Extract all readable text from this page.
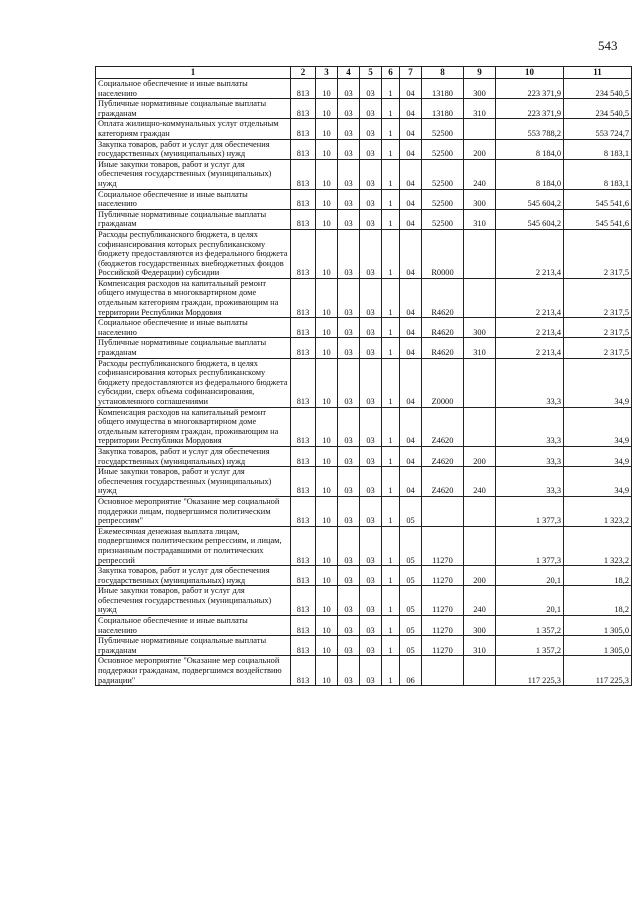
543
1	2	3	4	5	6	7	8	9	10	11
Социальное обеспечение и иные выплаты населению	813	10	03	03	1	04	13180	300	223 371,9	234 540,5
Публичные нормативные социальные выплаты гражданам	813	10	03	03	1	04	13180	310	223 371,9	234 540,5
Оплата жилищно-коммунальных услуг отдельным категориям граждан	813	10	03	03	1	04	52500		553 788,2	553 724,7
Закупка товаров, работ и услуг для обеспечения государственных (муниципальных) нужд	813	10	03	03	1	04	52500	200	8 184,0	8 183,1
Иные закупки товаров, работ и услуг для обеспечения государственных (муниципальных) нужд	813	10	03	03	1	04	52500	240	8 184,0	8 183,1
Социальное обеспечение и иные выплаты населению	813	10	03	03	1	04	52500	300	545 604,2	545 541,6
Публичные нормативные социальные выплаты гражданам	813	10	03	03	1	04	52500	310	545 604,2	545 541,6
Расходы республиканского бюджета, в целях софинансирования которых республиканскому бюджету предоставляются из федерального бюджета (бюджетов государственных внебюджетных фондов Российской Федерации) субсидии	813	10	03	03	1	04	R0000		2 213,4	2 317,5
Компенсация расходов на капитальный ремонт общего имущества в многоквартирном доме отдельным категориям граждан, проживающим на территории Республики Мордовия	813	10	03	03	1	04	R4620		2 213,4	2 317,5
Социальное обеспечение и иные выплаты населению	813	10	03	03	1	04	R4620	300	2 213,4	2 317,5
Публичные нормативные социальные выплаты гражданам	813	10	03	03	1	04	R4620	310	2 213,4	2 317,5
Расходы республиканского бюджета, в целях софинансирования которых республиканскому бюджету предоставляются из федерального бюджета субсидии, сверх объема софинансирования, установленного соглашениями	813	10	03	03	1	04	Z0000		33,3	34,9
Компенсация расходов на капитальный ремонт общего имущества в многоквартирном доме отдельным категориям граждан, проживающим на территории Республики Мордовия	813	10	03	03	1	04	Z4620		33,3	34,9
Закупка товаров, работ и услуг для обеспечения государственных (муниципальных) нужд	813	10	03	03	1	04	Z4620	200	33,3	34,9
Иные закупки товаров, работ и услуг для обеспечения государственных (муниципальных) нужд	813	10	03	03	1	04	Z4620	240	33,3	34,9
Основное мероприятие "Оказание мер социальной поддержки лицам, подвергшимся политическим репрессиям"	813	10	03	03	1	05			1 377,3	1 323,2
Ежемесячная денежная выплата лицам, подвергшимся политическим репрессиям, и лицам, признанным пострадавшими от политических репрессий	813	10	03	03	1	05	11270		1 377,3	1 323,2
Закупка товаров, работ и услуг для обеспечения государственных (муниципальных) нужд	813	10	03	03	1	05	11270	200	20,1	18,2
Иные закупки товаров, работ и услуг для обеспечения государственных (муниципальных) нужд	813	10	03	03	1	05	11270	240	20,1	18,2
Социальное обеспечение и иные выплаты населению	813	10	03	03	1	05	11270	300	1 357,2	1 305,0
Публичные нормативные социальные выплаты гражданам	813	10	03	03	1	05	11270	310	1 357,2	1 305,0
Основное мероприятие "Оказание мер социальной поддержки гражданам, подвергшимся воздействию радиации"	813	10	03	03	1	06			117 225,3	117 225,3
